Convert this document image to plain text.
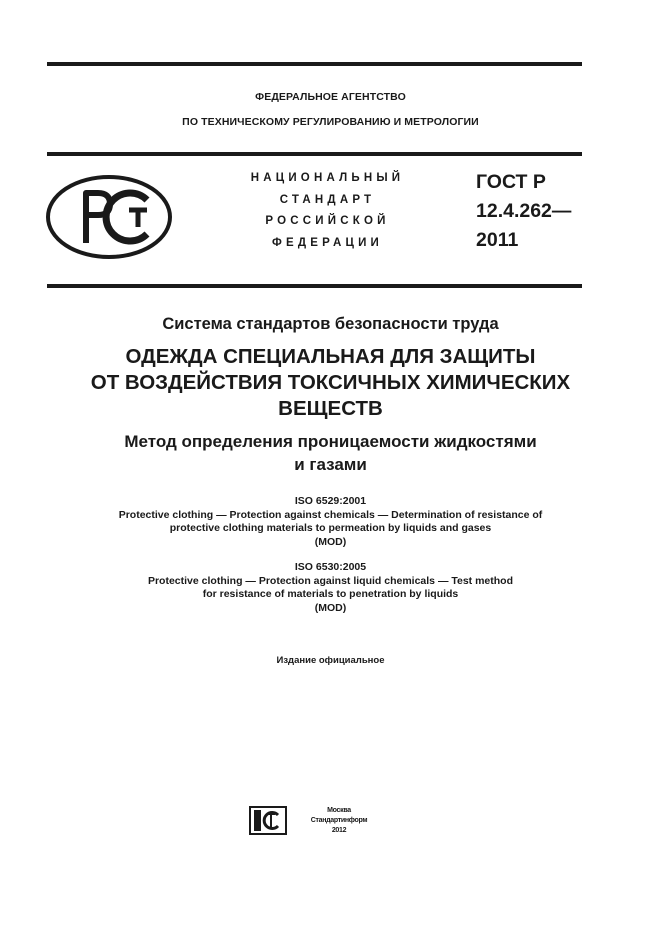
ФЕДЕРАЛЬНОЕ АГЕНТСТВО
ПО ТЕХНИЧЕСКОМУ РЕГУЛИРОВАНИЮ И МЕТРОЛОГИИ
НАЦИОНАЛЬНЫЙ
СТАНДАРТ
РОССИЙСКОЙ
ФЕДЕРАЦИИ
ГОСТ Р
12.4.262—
2011
Система стандартов безопасности труда
ОДЕЖДА СПЕЦИАЛЬНАЯ ДЛЯ ЗАЩИТЫ
ОТ ВОЗДЕЙСТВИЯ ТОКСИЧНЫХ ХИМИЧЕСКИХ
ВЕЩЕСТВ
Метод определения проницаемости жидкостями
и газами
ISO 6529:2001
Protective clothing — Protection against chemicals — Determination of resistance of
protective clothing materials to permeation by liquids and gases
(MOD)
ISO 6530:2005
Protective clothing — Protection against liquid chemicals — Test method
for resistance of materials to penetration by liquids
(MOD)
Издание официальное
Москва
Стандартинформ
2012
